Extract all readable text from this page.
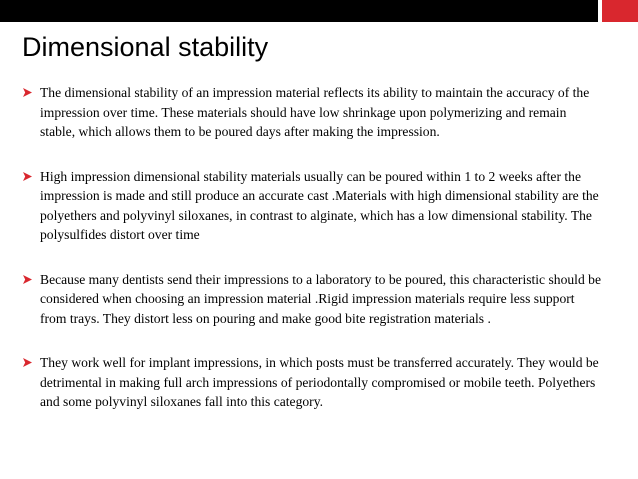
Dimensional stability
The dimensional stability of an impression material reflects its ability to maintain the accuracy of the impression over time. These materials should have low shrinkage upon polymerizing and remain stable, which allows them to be poured days after making the impression.
High impression dimensional stability materials usually can be poured within 1 to 2 weeks after the impression is made and still produce an accurate cast .Materials with high dimensional stability are the polyethers and polyvinyl siloxanes, in contrast to alginate, which has a low dimensional stability. The polysulfides distort over time
Because many dentists send their impressions to a laboratory to be poured, this characteristic should be considered when choosing an impression material .Rigid impression materials require less support from trays. They distort less on pouring and make good bite registration materials .
They work well for implant impressions, in which posts must be transferred accurately. They would be detrimental in making full arch impressions of periodontally compromised or mobile teeth. Polyethers and some polyvinyl siloxanes fall into this category.
